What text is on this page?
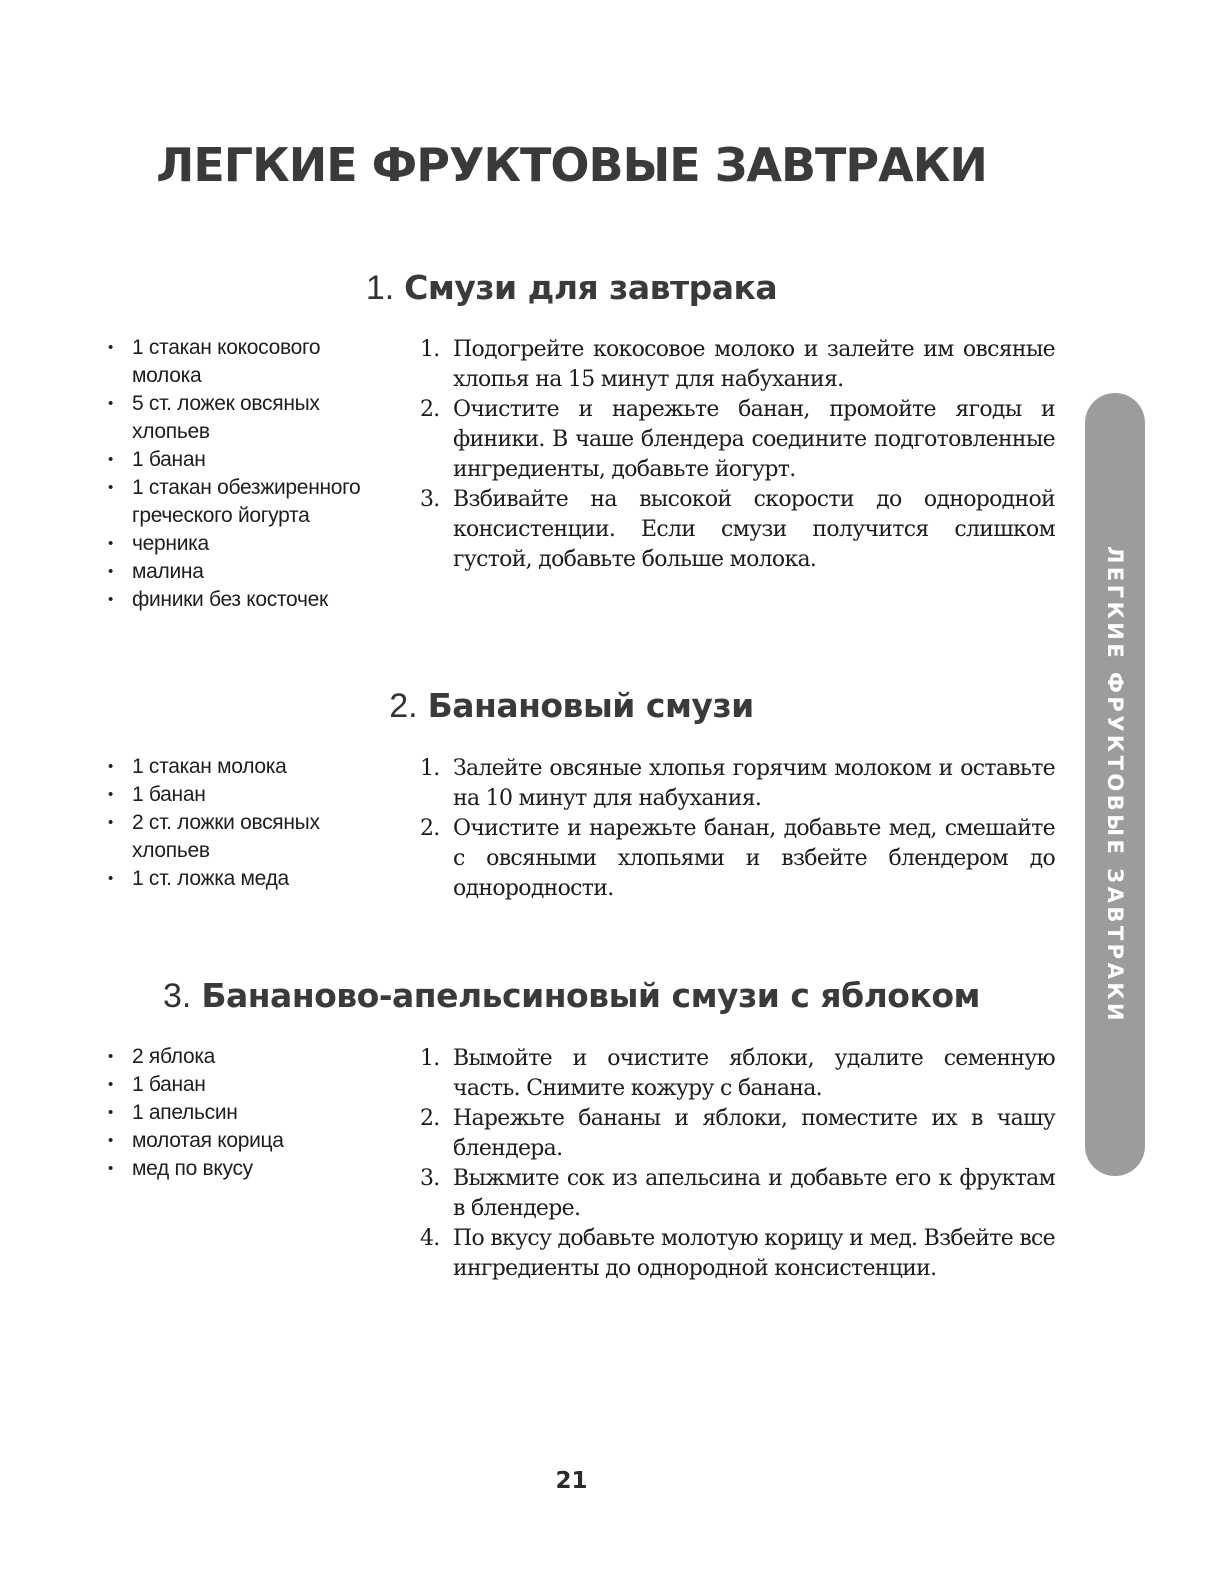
ЛЕГКИЕ ФРУКТОВЫЕ ЗАВТРАКИ
ЛЕГКИЕ ФРУКТОВЫЕ ЗАВТРАКИ
1. Смузи для завтрака
• 1 стакан кокосового молока
• 5 ст. ложек овсяных хлопьев
• 1 банан
• 1 стакан обезжиренного греческого йогурта
• черника
• малина
• финики без косточек
1. Подогрейте кокосовое молоко и залейте им овсяные хлопья на 15 минут для набухания.
2. Очистите и нарежьте банан, промойте ягоды и финики. В чаше блендера соедините подготовленные ингредиенты, добавьте йогурт.
3. Взбивайте на высокой скорости до однородной консистенции. Если смузи получится слишком густой, добавьте больше молока.
2. Банановый смузи
• 1 стакан молока
• 1 банан
• 2 ст. ложки овсяных хлопьев
• 1 ст. ложка меда
1. Залейте овсяные хлопья горячим молоком и оставьте на 10 минут для набухания.
2. Очистите и нарежьте банан, добавьте мед, смешайте с овсяными хлопьями и взбейте блендером до однородности.
3. Бананово-апельсиновый смузи с яблоком
• 2 яблока
• 1 банан
• 1 апельсин
• молотая корица
• мед по вкусу
1. Вымойте и очистите яблоки, удалите семенную часть. Снимите кожуру с банана.
2. Нарежьте бананы и яблоки, поместите их в чашу блендера.
3. Выжмите сок из апельсина и добавьте его к фруктам в блендере.
4. По вкусу добавьте молотую корицу и мед. Взбейте все ингредиенты до однородной консистенции.
21
